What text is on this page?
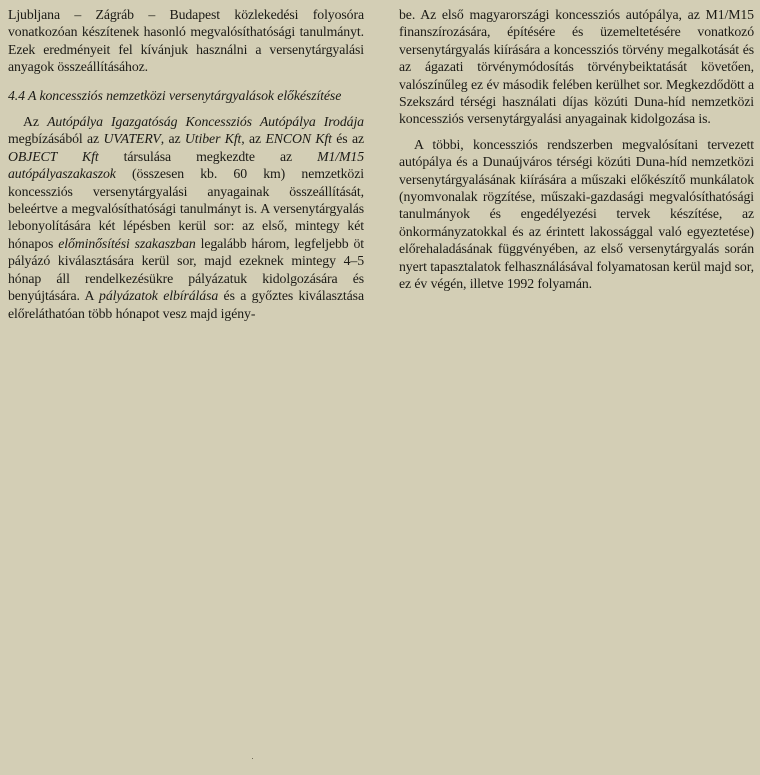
Ljubljana – Zágráb – Budapest közlekedési folyosóra vonatkozóan készítenek hasonló megvalósíthatósági tanulmányt. Ezek eredményeit fel kívánjuk használni a versenytárgyalási anyagok összeállításához.

4.4 A koncessziós nemzetközi versenytárgyalások előkészítése

Az Autópálya Igazgatóság Koncessziós Autópálya Irodája megbízásából az UVATERV, az Utiber Kft, az ENCON Kft és az OBJECT Kft társulása megkezdte az M1/M15 autópályaszakaszok (összesen kb. 60 km) nemzetközi koncessziós versenytárgyalási anyagainak összeállítását, beleértve a megvalósíthatósági tanulmányt is. A versenytárgyalás lebonyolítására két lépésben kerül sor: az első, mintegy két hónapos előminősítési szakaszban legalább három, legfeljebb öt pályázó kiválasztására kerül sor, majd ezeknek mintegy 4–5 hónap áll rendelkezésükre pályázatuk kidolgozására és benyújtására. A pályázatok elbírálása és a győztes kiválasztása előreláthatóan több hónapot vesz majd igény-

be. Az első magyarországi koncessziós autópálya, az M1/M15 finanszírozására, építésére és üzemeltetésére vonatkozó versenytárgyalás kiírására a koncessziós törvény megalkotását és az ágazati törvénymódosítás törvénybeiktatását követően, valószínűleg ez év második felében kerülhet sor. Megkezdődött a Szekszárd térségi használati díjas közúti Duna-híd nemzetközi koncessziós versenytárgyalási anyagainak kidolgozása is.

A többi, koncessziós rendszerben megvalósítani tervezett autópálya és a Dunaújváros térségi közúti Duna-híd nemzetközi versenytárgyalásának kiírására a műszaki előkészítő munkálatok (nyomvonalak rögzítése, műszaki-gazdasági megvalósíthatósági tanulmányok és engedélyezési tervek készítése, az önkormányzatokkal és az érintett lakossággal való egyeztetése) előrehaladásának függvényében, az első versenytárgyalás során nyert tapasztalatok felhasználásával folyamatosan kerül majd sor, ez év végén, illetve 1992 folyamán.
